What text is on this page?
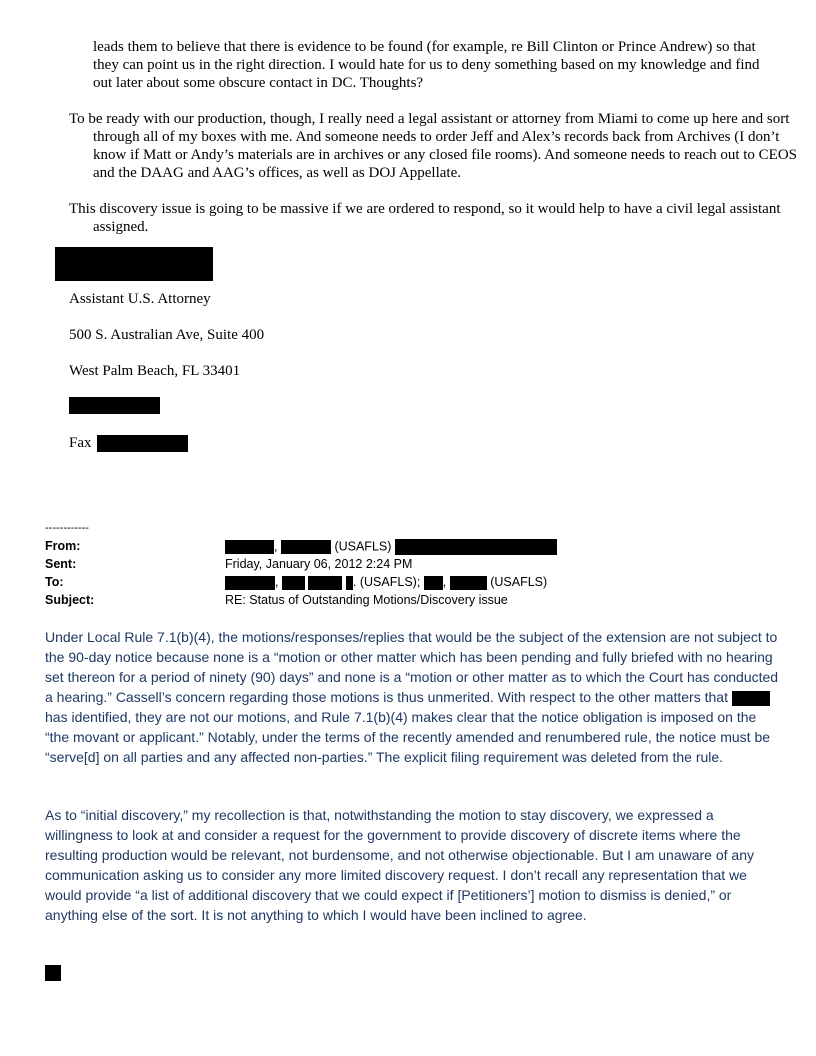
leads them to believe that there is evidence to be found (for example, re Bill Clinton or Prince Andrew) so that they can point us in the right direction. I would hate for us to deny something based on my knowledge and find out later about some obscure contact in DC. Thoughts?
To be ready with our production, though, I really need a legal assistant or attorney from Miami to come up here and sort through all of my boxes with me. And someone needs to order Jeff and Alex’s records back from Archives (I don’t know if Matt or Andy’s materials are in archives or any closed file rooms). And someone needs to reach out to CEOS and the DAAG and AAG’s offices, as well as DOJ Appellate.
This discovery issue is going to be massive if we are ordered to respond, so it would help to have a civil legal assistant assigned.
Assistant U.S. Attorney
500 S. Australian Ave, Suite 400
West Palm Beach, FL 33401
Fax
------------
From:	,	(USAFLS)
Sent:	Friday, January 06, 2012 2:24 PM
To:	,	. (USAFLS); ,	(USAFLS)
Subject:	RE: Status of Outstanding Motions/Discovery issue
Under Local Rule 7.1(b)(4), the motions/responses/replies that would be the subject of the extension are not subject to the 90-day notice because none is a “motion or other matter which has been pending and fully briefed with no hearing set thereon for a period of ninety (90) days” and none is a “motion or other matter as to which the Court has conducted a hearing.” Cassell’s concern regarding those motions is thus unmerited. With respect to the other matters that  has identified, they are not our motions, and Rule 7.1(b)(4) makes clear that the notice obligation is imposed on the “the movant or applicant.” Notably, under the terms of the recently amended and renumbered rule, the notice must be “serve[d] on all parties and any affected non-parties.” The explicit filing requirement was deleted from the rule.
As to “initial discovery,” my recollection is that, notwithstanding the motion to stay discovery, we expressed a willingness to look at and consider a request for the government to provide discovery of discrete items where the resulting production would be relevant, not burdensome, and not otherwise objectionable. But I am unaware of any communication asking us to consider any more limited discovery request. I don’t recall any representation that we would provide “a list of additional discovery that we could expect if [Petitioners’] motion to dismiss is denied,” or anything else of the sort. It is not anything to which I would have been inclined to agree.
